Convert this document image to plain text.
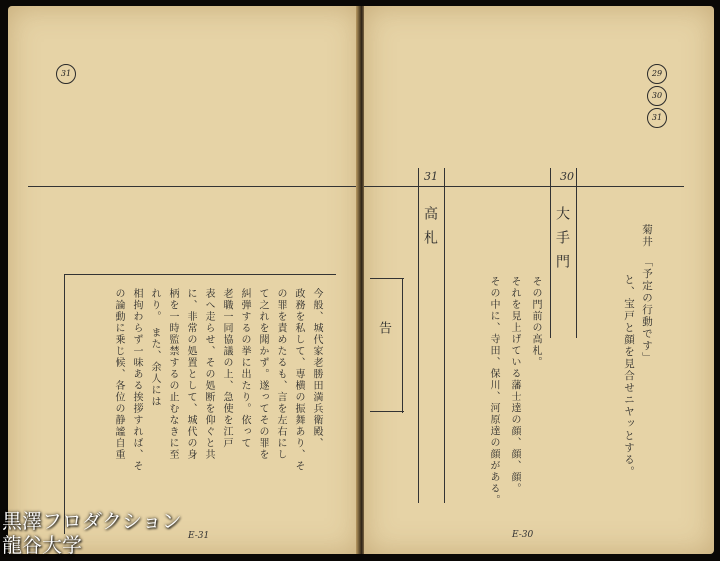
31
今般、城代家老勝田満兵衛殿、
政務を私して、専横の振舞あり、そ
の罪を責めたるも、言を左右にし
て之れを聞かず。遂ってその罪を
糾弾するの挙に出たり。依って
老職一同協議の上、急使を江戸
表へ走らせ、その処断を仰ぐと共
に、非常の処置として、城代の身
柄を一時監禁するの止むなきに至
れり。 また、余人には
相拘わらず一味ある挨拶すれば、そ
の論動に乗じ候、各位の静謐自重
E-31
29
30
31
31
高札
30
大手門
告	その門前の高札。
それを見上げている藩士達の顔、顔、顔。
その中に、寺田、保川、河原達の顔がある。
菊井
「予定の行動です」
と、宝戸と顔を見合せニヤッとする。
E-30
黒澤フロダクション
龍谷大学
